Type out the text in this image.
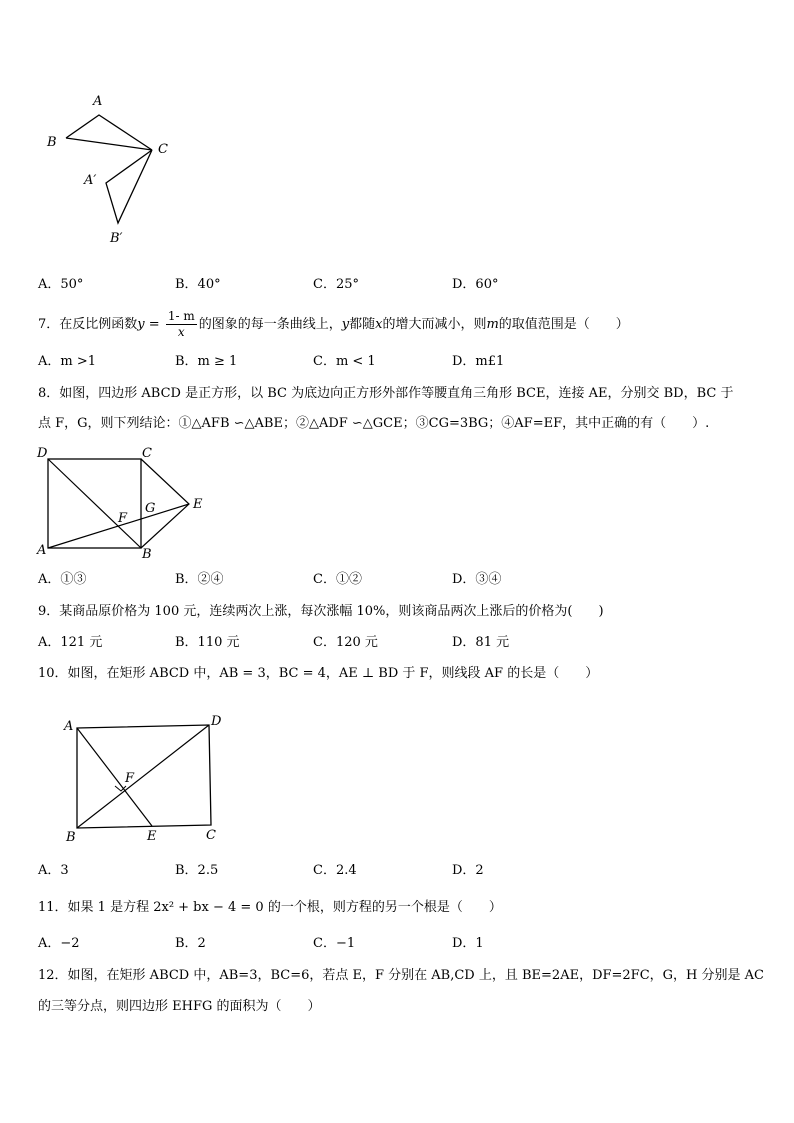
A
B	C
A′
B′
A．50°	B．40°	C．25°	D．60°
7．在反比例函数$y = \frac{1- m}{x}$ 的图象的每一条曲线上，y都随x的增大而减小，则m的取值范围是（　　）
A．m >1	B．m ≥ 1	C．m < 1	D．m£1
8．如图，四边形 ABCD 是正方形，以 BC 为底边向正方形外部作等腰直角三角形 BCE，连接 AE，分别交 BD，BC 于
点 F，G，则下列结论：①△AFB ∽△ABE；②△ADF ∽△GCE；③CG=3BG；④AF=EF，其中正确的有（　　）.
D	C
E
F
G
A	B
A．①③	B．②④	C．①②	D．③④
9．某商品原价格为 100 元，连续两次上涨，每次涨幅 10%，则该商品两次上涨后的价格为(　　)
A．121 元	B．110 元	C．120 元	D．81 元
10．如图，在矩形 ABCD 中，AB = 3，BC = 4，AE ⊥ BD 于 F，则线段 AF 的长是（　　）
A	D
F
B	E	C
A．3	B．2.5	C．2.4	D．2
11．如果 1 是方程 2x² + bx − 4 = 0 的一个根，则方程的另一个根是（　　）
A．−2	B．2	C．−1	D．1
12．如图，在矩形 ABCD 中，AB=3，BC=6，若点 E，F 分别在 AB,CD 上，且 BE=2AE，DF=2FC，G，H 分别是 AC
的三等分点，则四边形 EHFG 的面积为（　　）
